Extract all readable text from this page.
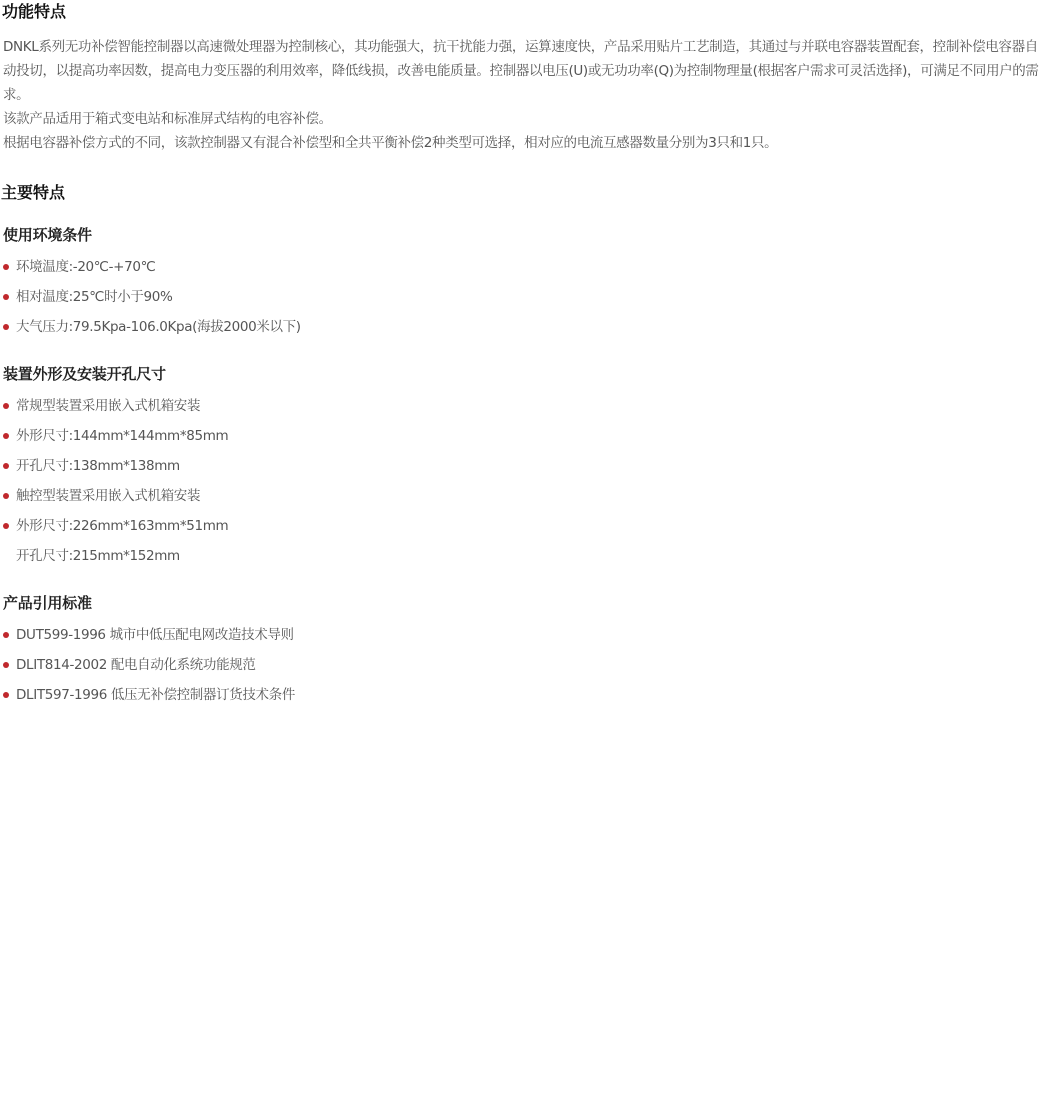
功能特点

DNKL系列无功补偿智能控制器以高速微处理器为控制核心，其功能强大，抗干扰能力强，运算速度快，产品采用贴片工艺制造，其通过与并联电容器装置配套，控制补偿电容器自动投切，以提高功率因数，提高电力变压器的利用效率，降低线损，改善电能质量。控制器以电压(U)或无功功率(Q)为控制物理量(根据客户需求可灵活选择)，可满足不同用户的需求。

该款产品适用于箱式变电站和标准屏式结构的电容补偿。

根据电容器补偿方式的不同，该款控制器又有混合补偿型和全共平衡补偿2种类型可选择，相对应的电流互感器数量分别为3只和1只。

主要特点
使用环境条件
环境温度:-20℃-+70℃
相对温度:25℃时小于90%
大气压力:79.5Kpa-106.0Kpa(海拔2000米以下)
装置外形及安装开孔尺寸
常规型装置采用嵌入式机箱安装
外形尺寸:144mm*144mm*85mm
开孔尺寸:138mm*138mm
触控型装置采用嵌入式机箱安装
外形尺寸:226mm*163mm*51mm
开孔尺寸:215mm*152mm
产品引用标准
DUT599-1996 城市中低压配电网改造技术导则
DLIT814-2002 配电自动化系统功能规范
DLIT597-1996 低压无补偿控制器订货技术条件
